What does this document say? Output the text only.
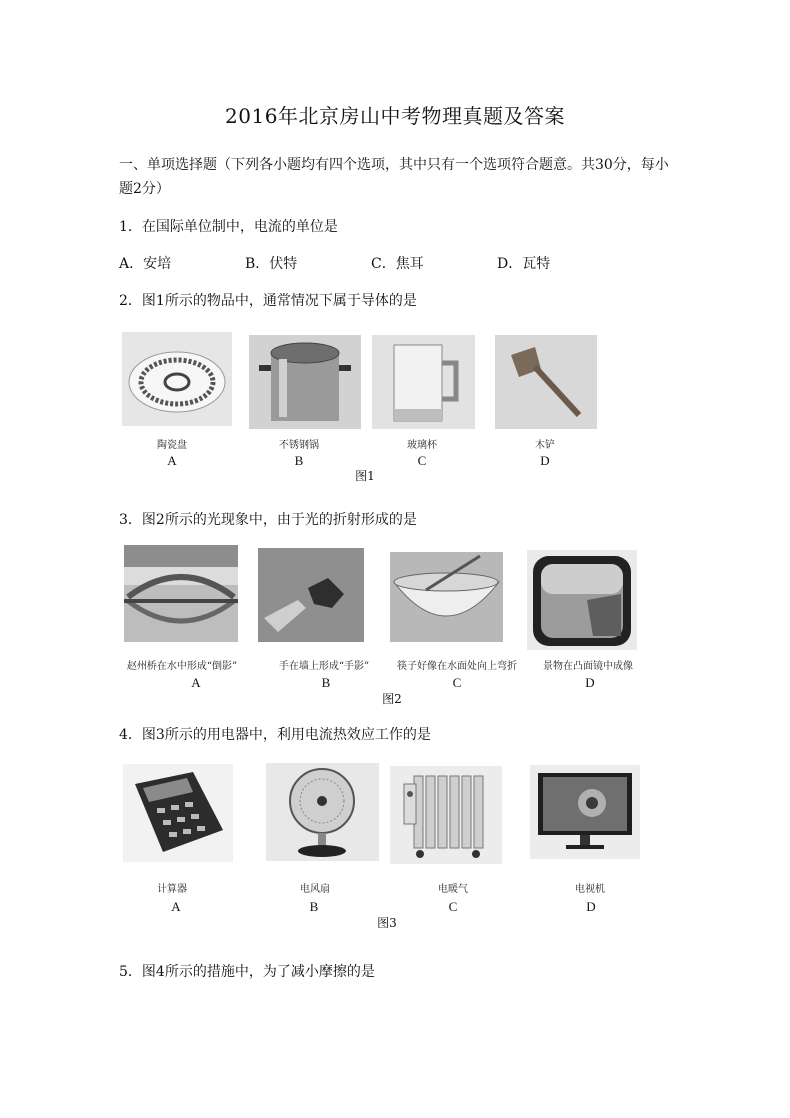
2016年北京房山中考物理真题及答案
一、单项选择题（下列各小题均有四个选项，其中只有一个选项符合题意。共30分，每小
题2分）
1．在国际单位制中，电流的单位是
A．安培	B．伏特	C．焦耳	D．瓦特
2．图1所示的物品中，通常情况下属于导体的是
陶瓷盘	不锈钢锅	玻璃杯	木铲
A	B	C	D
图1
3．图2所示的光现象中，由于光的折射形成的是
赵州桥在水中形成“倒影”	手在墙上形成“手影”	筷子好像在水面处向上弯折	景物在凸面镜中成像
A	B	C	D
图2
4．图3所示的用电器中，利用电流热效应工作的是
计算器	电风扇	电暖气	电视机
A	B	C	D
图3
5．图4所示的措施中，为了减小摩擦的是
